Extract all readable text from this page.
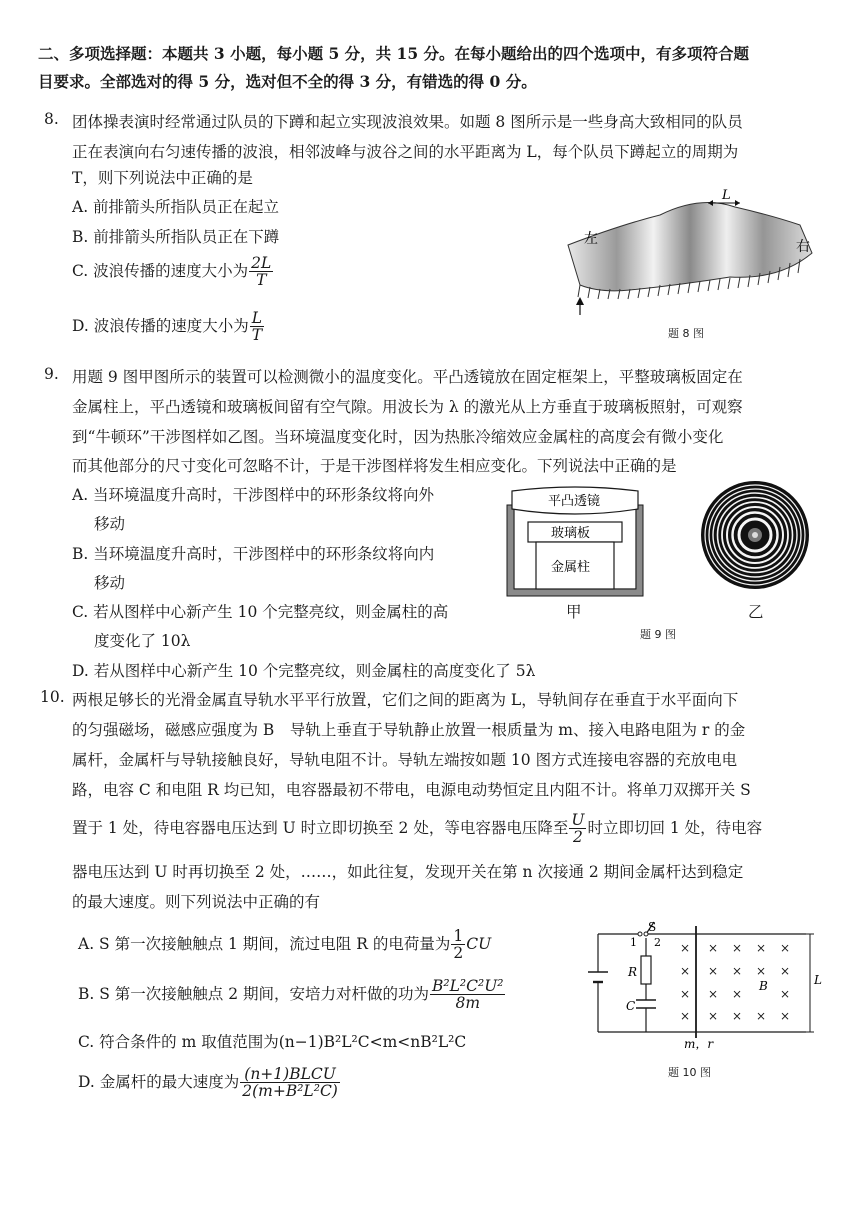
二、多项选择题：本题共 3 小题，每小题 5 分，共 15 分。在每小题给出的四个选项中，有多项符合题
目要求。全部选对的得 5 分，选对但不全的得 3 分，有错选的得 0 分。
8. 团体操表演时经常通过队员的下蹲和起立实现波浪效果。如题 8 图所示是一些身高大致相同的队员
正在表演向右匀速传播的波浪，相邻波峰与波谷之间的水平距离为 L，每个队员下蹲起立的周期为
T，则下列说法中正确的是
A. 前排箭头所指队员正在起立
B. 前排箭头所指队员正在下蹲
C. 波浪传播的速度大小为 $\frac{2L}{T}$
D. 波浪传播的速度大小为 $\frac{L}{T}$
L
左	右
题 8 图
9. 用题 9 图甲图所示的装置可以检测微小的温度变化。平凸透镜放在固定框架上，平整玻璃板固定在
金属柱上，平凸透镜和玻璃板间留有空气隙。用波长为 λ 的激光从上方垂直于玻璃板照射，可观察
到“牛顿环”干涉图样如乙图。当环境温度变化时，因为热胀冷缩效应金属柱的高度会有微小变化
而其他部分的尺寸变化可忽略不计，于是干涉图样将发生相应变化。下列说法中正确的是
A. 当环境温度升高时，干涉图样中的环形条纹将向外
移动
B. 当环境温度升高时，干涉图样中的环形条纹将向内
移动
C. 若从图样中心新产生 10 个完整亮纹，则金属柱的高
度变化了 10λ
D. 若从图样中心新产生 10 个完整亮纹，则金属柱的高度变化了 5λ
平凸透镜
玻璃板
金属柱
甲	乙
题 9 图
10. 两根足够长的光滑金属直导轨水平平行放置，它们之间的距离为 L，导轨间存在垂直于水平面向下
的匀强磁场，磁感应强度为 B　导轨上垂直于导轨静止放置一根质量为 m、接入电路电阻为 r 的金
属杆，金属杆与导轨接触良好，导轨电阻不计。导轨左端按如题 10 图方式连接电容器的充放电电
路，电容 C 和电阻 R 均已知，电容器最初不带电，电源电动势恒定且内阻不计。将单刀双掷开关 S
置于 1 处，待电容器电压达到 U 时立即切换至 2 处，等电容器电压降至 $\frac{U}{2}$ 时立即切回 1 处，待电容
器电压达到 U 时再切换至 2 处，……，如此往复，发现开关在第 n 次接通 2 期间金属杆达到稳定
的最大速度。则下列说法中正确的有
A. S 第一次接触触点 1 期间，流过电阻 R 的电荷量为 $\frac{1}{2}$ CU
B. S 第一次接触触点 2 期间，安培力对杆做的功为 $\frac{\text{B²L²C²U²}}{8m}$
C. 符合条件的 m 取值范围为(n−1)B²L²C<m<nB²L²C
D. 金属杆的最大速度为 $\frac{\text{(n+1)BLCU}}{\text{2(m+B²L²C)}}$
× × × × ×
× × × × ×
× × ×	×
× × × × ×
S
1 2
R
C
B	L
m，r
题 10 图
